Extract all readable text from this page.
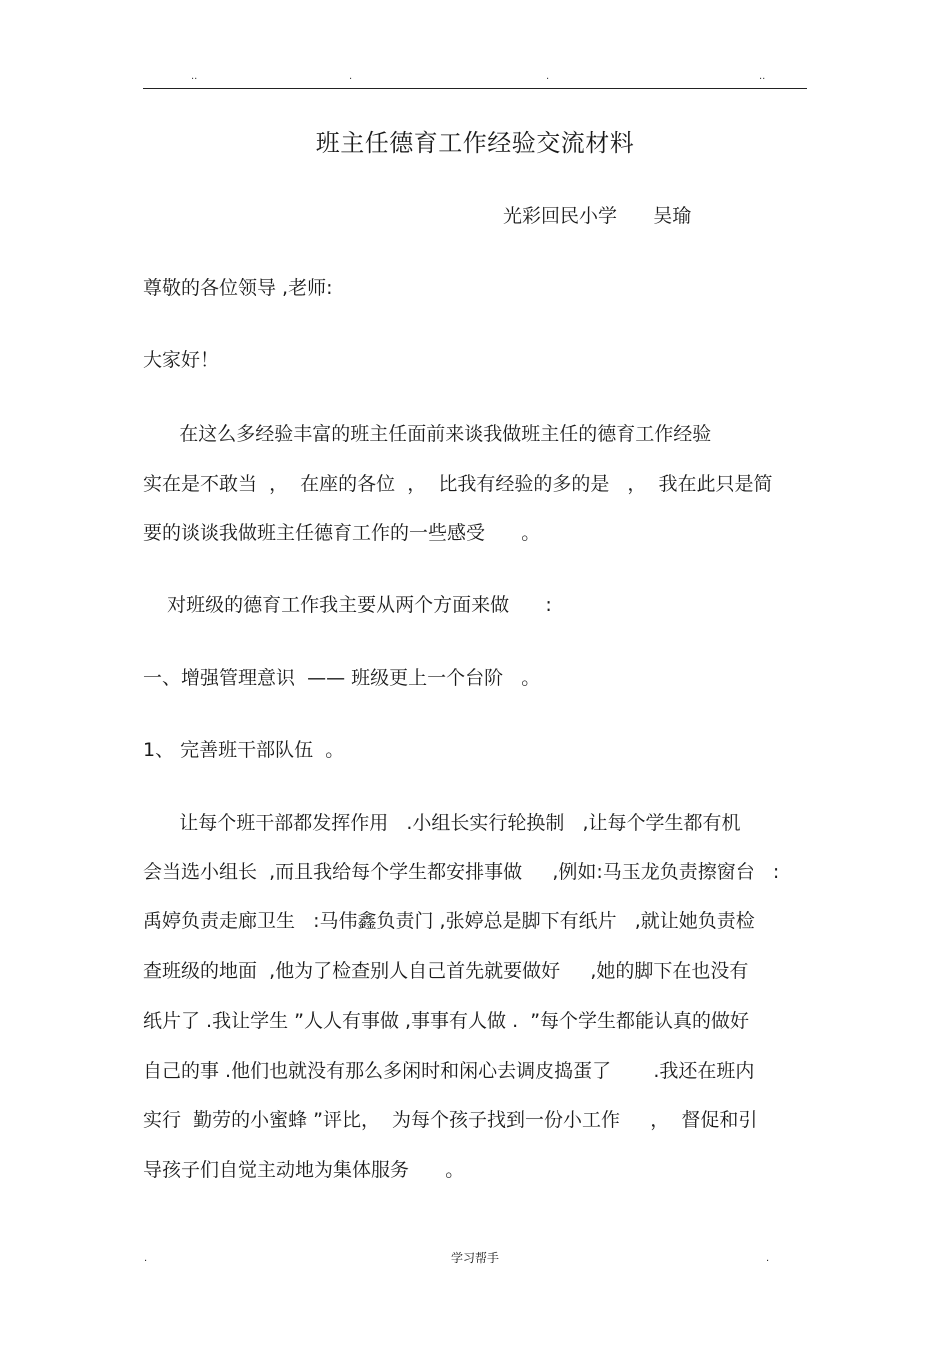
..	.	.	..
班主任德育工作经验交流材料
光彩回民小学      吴瑜
尊敬的各位领导 ,老师:
大家好！
在这么多经验丰富的班主任面前来谈我做班主任的德育工作经验
实在是不敢当  ，  在座的各位  ，  比我有经验的多的是   ，  我在此只是简
要的谈谈我做班主任德育工作的一些感受      。
对班级的德育工作我主要从两个方面来做      :
一、增强管理意识  —— 班级更上一个台阶   。
1、 完善班干部队伍  。
让每个班干部都发挥作用   .小组长实行轮换制   ,让每个学生都有机
会当选小组长  ,而且我给每个学生都安排事做     ,例如:马玉龙负责擦窗台   :
禹婷负责走廊卫生   :马伟鑫负责门 ,张婷总是脚下有纸片   ,就让她负责检
查班级的地面  ,他为了检查别人自己首先就要做好     ,她的脚下在也没有
纸片了 .我让学生 ”人人有事做 ,事事有人做 .  ”每个学生都能认真的做好
自己的事 .他们也就没有那么多闲时和闲心去调皮捣蛋了       .我还在班内
实行  勤劳的小蜜蜂 ”评比，  为每个孩子找到一份小工作     ，  督促和引
导孩子们自觉主动地为集体服务      。
.	学习帮手	.
